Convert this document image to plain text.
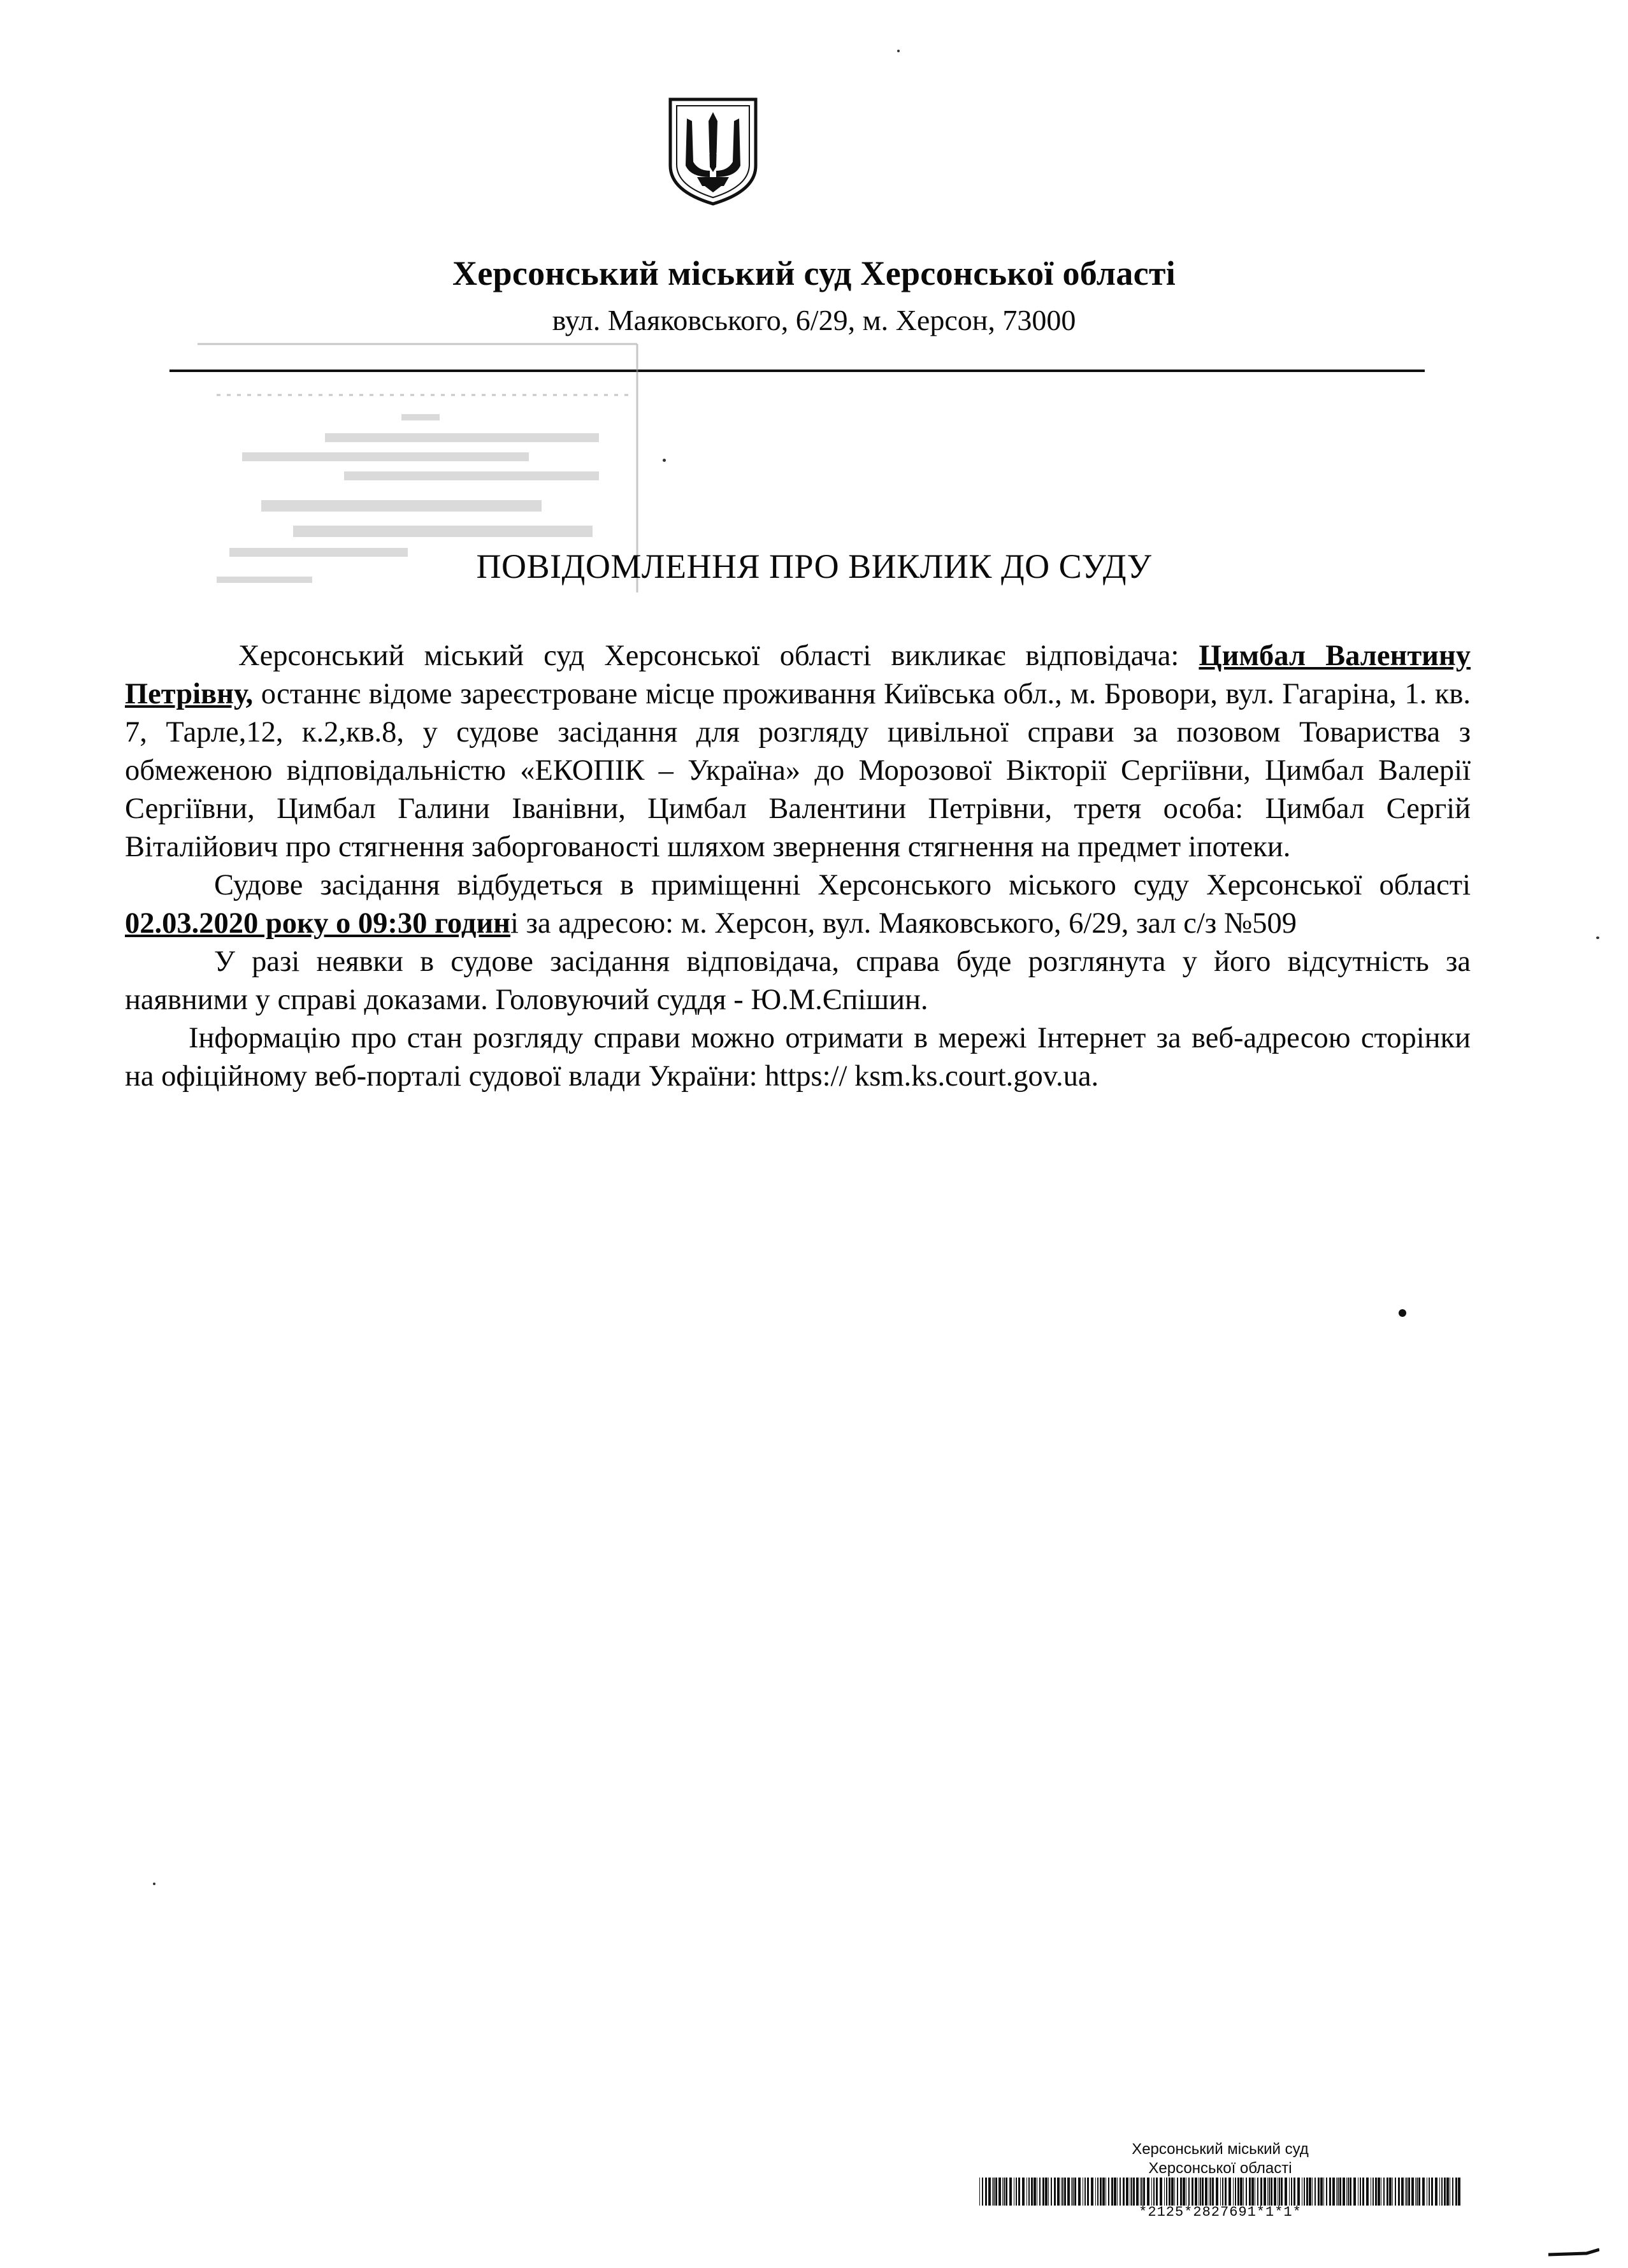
Херсонський міський суд Херсонської області
вул. Маяковського, 6/29, м. Херсон, 73000
ПОВІДОМЛЕННЯ ПРО ВИКЛИК ДО СУДУ

Херсонський міський суд Херсонської області викликає відповідача: Цимбал Валентину Петрівну, останнє відоме зареєстроване місце проживання Київська обл., м. Бровори, вул. Гагаріна, 1. кв. 7, Тарле,12, к.2,кв.8, у судове засідання для розгляду цивільної справи за позовом Товариства з обмеженою відповідальністю «ЕКОПІК – Україна» до Морозової Вікторії Сергіївни, Цимбал Валерії Сергіївни, Цимбал Галини Іванівни, Цимбал Валентини Петрівни, третя особа: Цимбал Сергій Віталійович про стягнення заборгованості шляхом звернення стягнення на предмет іпотеки.

Судове засідання відбудеться в приміщенні Херсонського міського суду Херсонської області 02.03.2020 року о 09:30 годині за адресою: м. Херсон, вул. Маяковського, 6/29, зал с/з №509

У разі неявки в судове засідання відповідача, справа буде розглянута у його відсутність за наявними у справі доказами. Головуючий суддя - Ю.М.Єпішин.

Інформацію про стан розгляду справи можно отримати в мережі Інтернет за веб-адресою сторінки на офіційному веб-порталі судової влади України: https:// ksm.ks.court.gov.ua.

Херсонський міський суд
Херсонської області
*2125*2827691*1*1*
